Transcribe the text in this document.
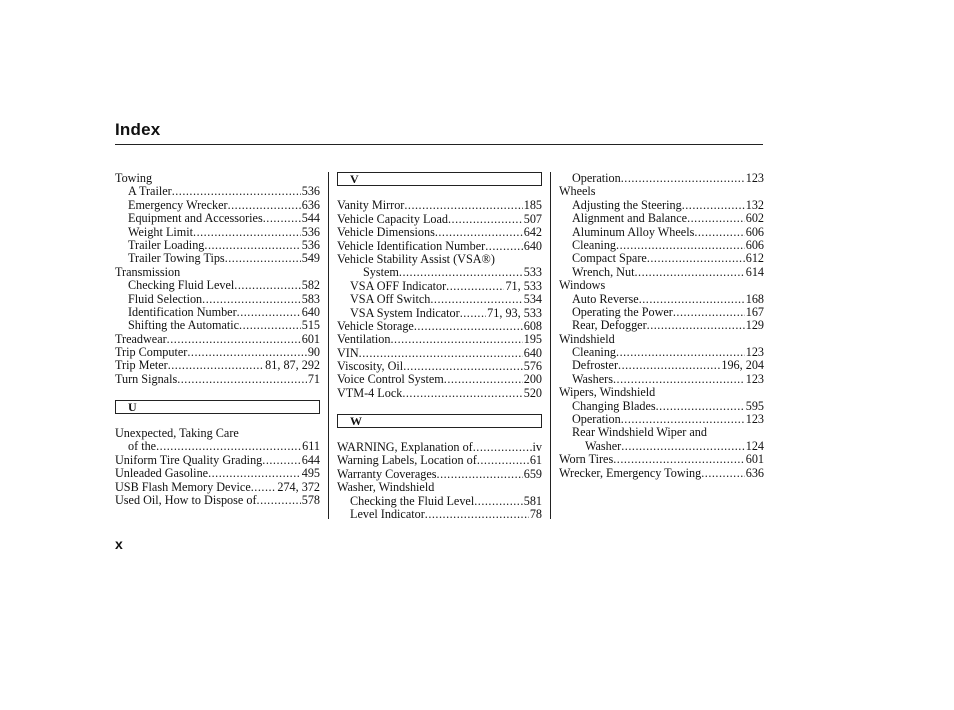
Index
Towing
A Trailer .....	536
Emergency Wrecker .....	636
Equipment and Accessories .....	544
Weight Limit .....	536
Trailer Loading .....	536
Trailer Towing Tips .....	549
Transmission
Checking Fluid Level .....	582
Fluid Selection .....	583
Identification Number .....	640
Shifting the Automatic .....	515
Treadwear .....	601
Trip Computer .....	90
Trip Meter .....	81, 87, 292
Turn Signals .....	71
U
Unexpected, Taking Care
of the .....	611
Uniform Tire Quality Grading .....	644
Unleaded Gasoline .....	495
USB Flash Memory Device ..... 274, 372
Used Oil, How to Dispose of .....	578
V
Vanity Mirror .....	185
Vehicle Capacity Load .....	507
Vehicle Dimensions .....	642
Vehicle Identification Number .....	640
Vehicle Stability Assist (VSA®)
System .....	533
VSA OFF Indicator .....	71, 533
VSA Off Switch .....	534
VSA System Indicator ..... 71, 93, 533
Vehicle Storage .....	608
Ventilation .....	195
VIN .....	640
Viscosity, Oil .....	576
Voice Control System .....	200
VTM-4 Lock .....	520
W
WARNING, Explanation of .....	iv
Warning Labels, Location of .....	61
Warranty Coverages .....	659
Washer, Windshield
Checking the Fluid Level .....	581
Level Indicator .....	78
Operation .....	123
Wheels
Adjusting the Steering .....	132
Alignment and Balance .....	602
Aluminum Alloy Wheels .....	606
Cleaning .....	606
Compact Spare .....	612
Wrench, Nut .....	614
Windows
Auto Reverse .....	168
Operating the Power .....	167
Rear, Defogger .....	129
Windshield
Cleaning .....	123
Defroster .....	196, 204
Washers .....	123
Wipers, Windshield
Changing Blades .....	595
Operation .....	123
Rear Windshield Wiper and
Washer .....	124
Worn Tires .....	601
Wrecker, Emergency Towing .....	636
x
